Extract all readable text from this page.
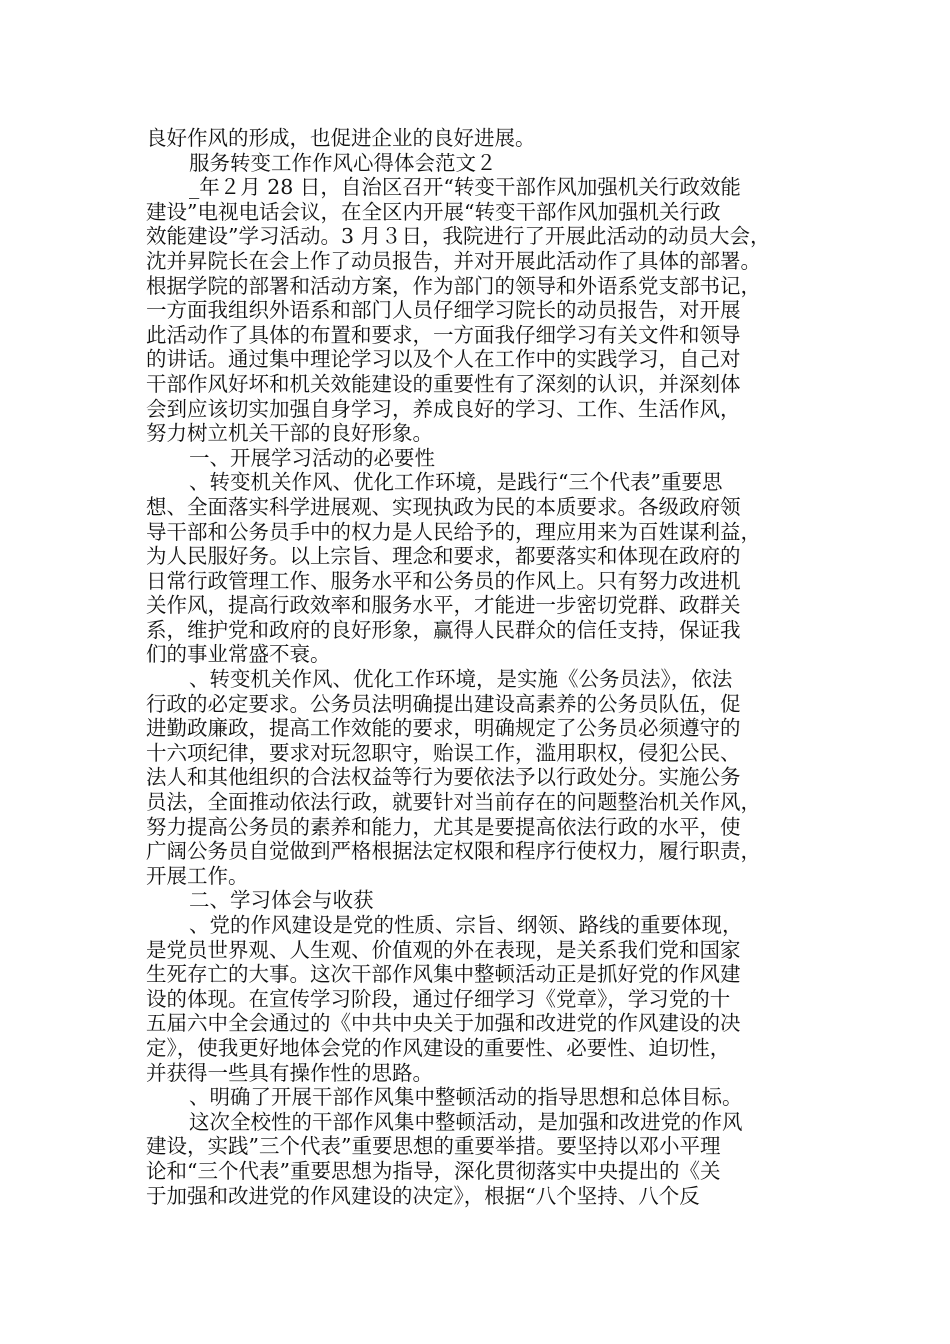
良好作风的形成，也促进企业的良好进展。
服务转变工作作风心得体会范文２
_年２月 28 日，自治区召开“转变干部作风加强机关行政效能
建设”电视电话会议，在全区内开展“转变干部作风加强机关行政
效能建设”学习活动。3 月３日，我院进行了开展此活动的动员大会，
沈并昇院长在会上作了动员报告，并对开展此活动作了具体的部署。
根据学院的部署和活动方案，作为部门的领导和外语系党支部书记，
一方面我组织外语系和部门人员仔细学习院长的动员报告，对开展
此活动作了具体的布置和要求，一方面我仔细学习有关文件和领导
的讲话。通过集中理论学习以及个人在工作中的实践学习，自己对
干部作风好坏和机关效能建设的重要性有了深刻的认识，并深刻体
会到应该切实加强自身学习，养成良好的学习、工作、生活作风，
努力树立机关干部的良好形象。
一、开展学习活动的必要性
、转变机关作风、优化工作环境，是践行“三个代表”重要思
想、全面落实科学进展观、实现执政为民的本质要求。各级政府领
导干部和公务员手中的权力是人民给予的，理应用来为百姓谋利益，
为人民服好务。以上宗旨、理念和要求，都要落实和体现在政府的
日常行政管理工作、服务水平和公务员的作风上。只有努力改进机
关作风，提高行政效率和服务水平，才能进一步密切党群、政群关
系，维护党和政府的良好形象，赢得人民群众的信任支持，保证我
们的事业常盛不衰。
、转变机关作风、优化工作环境，是实施《公务员法》，依法
行政的必定要求。公务员法明确提出建设高素养的公务员队伍，促
进勤政廉政，提高工作效能的要求，明确规定了公务员必须遵守的
十六项纪律，要求对玩忽职守，贻误工作，滥用职权，侵犯公民、
法人和其他组织的合法权益等行为要依法予以行政处分。实施公务
员法，全面推动依法行政，就要针对当前存在的问题整治机关作风，
努力提高公务员的素养和能力，尤其是要提高依法行政的水平，使
广阔公务员自觉做到严格根据法定权限和程序行使权力，履行职责，
开展工作。
二、学习体会与收获
、党的作风建设是党的性质、宗旨、纲领、路线的重要体现，
是党员世界观、人生观、价值观的外在表现，是关系我们党和国家
生死存亡的大事。这次干部作风集中整顿活动正是抓好党的作风建
设的体现。在宣传学习阶段，通过仔细学习《党章》，学习党的十
五届六中全会通过的《中共中央关于加强和改进党的作风建设的决
定》，使我更好地体会党的作风建设的重要性、必要性、迫切性，
并获得一些具有操作性的思路。
、明确了开展干部作风集中整顿活动的指导思想和总体目标。
这次全校性的干部作风集中整顿活动，是加强和改进党的作风
建设，实践”三个代表”重要思想的重要举措。要坚持以邓小平理
论和“三个代表”重要思想为指导，深化贯彻落实中央提出的《关
于加强和改进党的作风建设的决定》，根据“八个坚持、八个反
